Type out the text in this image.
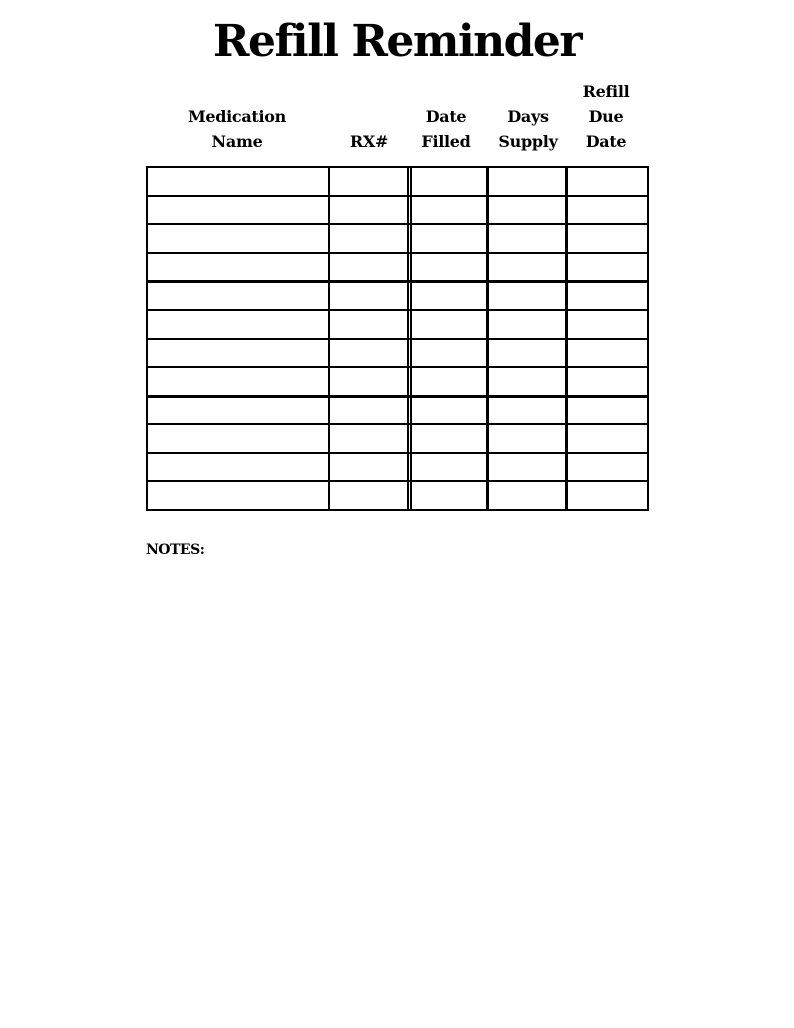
Refill Reminder
Medication
Name	RX#
Date
Filled
Days
Supply
Refill
Due
Date
NOTES:
